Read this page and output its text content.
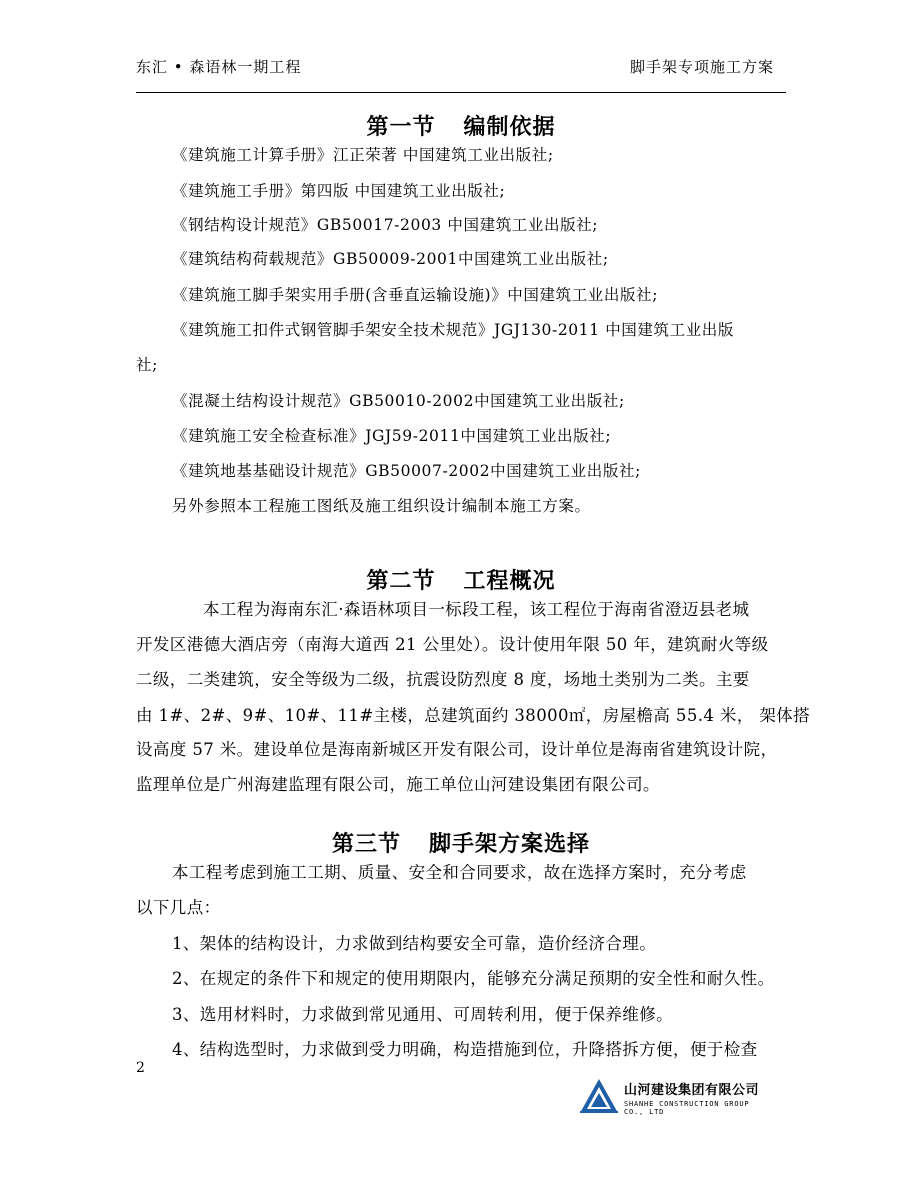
东汇 • 森语林一期工程	脚手架专项施工方案
第一节 编制依据
《建筑施工计算手册》江正荣著 中国建筑工业出版社;
《建筑施工手册》第四版 中国建筑工业出版社;
《钢结构设计规范》GB50017-2003 中国建筑工业出版社;
《建筑结构荷载规范》GB50009-2001中国建筑工业出版社;
《建筑施工脚手架实用手册(含垂直运输设施)》中国建筑工业出版社;
《建筑施工扣件式钢管脚手架安全技术规范》JGJ130-2011 中国建筑工业出版
社;
《混凝土结构设计规范》GB50010-2002中国建筑工业出版社;
《建筑施工安全检查标准》JGJ59-2011中国建筑工业出版社;
《建筑地基基础设计规范》GB50007-2002中国建筑工业出版社;
另外参照本工程施工图纸及施工组织设计编制本施工方案。
第二节 工程概况
本工程为海南东汇·森语林项目一标段工程，该工程位于海南省澄迈县老城
开发区港德大酒店旁（南海大道西 21 公里处）。设计使用年限 50 年，建筑耐火等级
二级，二类建筑，安全等级为二级，抗震设防烈度 8 度，场地土类别为二类。主要
由 1#、2#、9#、10#、11#主楼，总建筑面约 38000㎡，房屋檐高 55.4 米， 架体搭
设高度 57 米。建设单位是海南新城区开发有限公司，设计单位是海南省建筑设计院，
监理单位是广州海建监理有限公司，施工单位山河建设集团有限公司。
第三节 脚手架方案选择
本工程考虑到施工工期、质量、安全和合同要求，故在选择方案时，充分考虑
以下几点：
1、架体的结构设计，力求做到结构要安全可靠，造价经济合理。
2、在规定的条件下和规定的使用期限内，能够充分满足预期的安全性和耐久性。
3、选用材料时，力求做到常见通用、可周转利用，便于保养维修。
4、结构选型时，力求做到受力明确，构造措施到位，升降搭拆方便，便于检查
2
山河建设集团有限公司
SHANHE CONSTRUCTION GROUP CO., LTD
